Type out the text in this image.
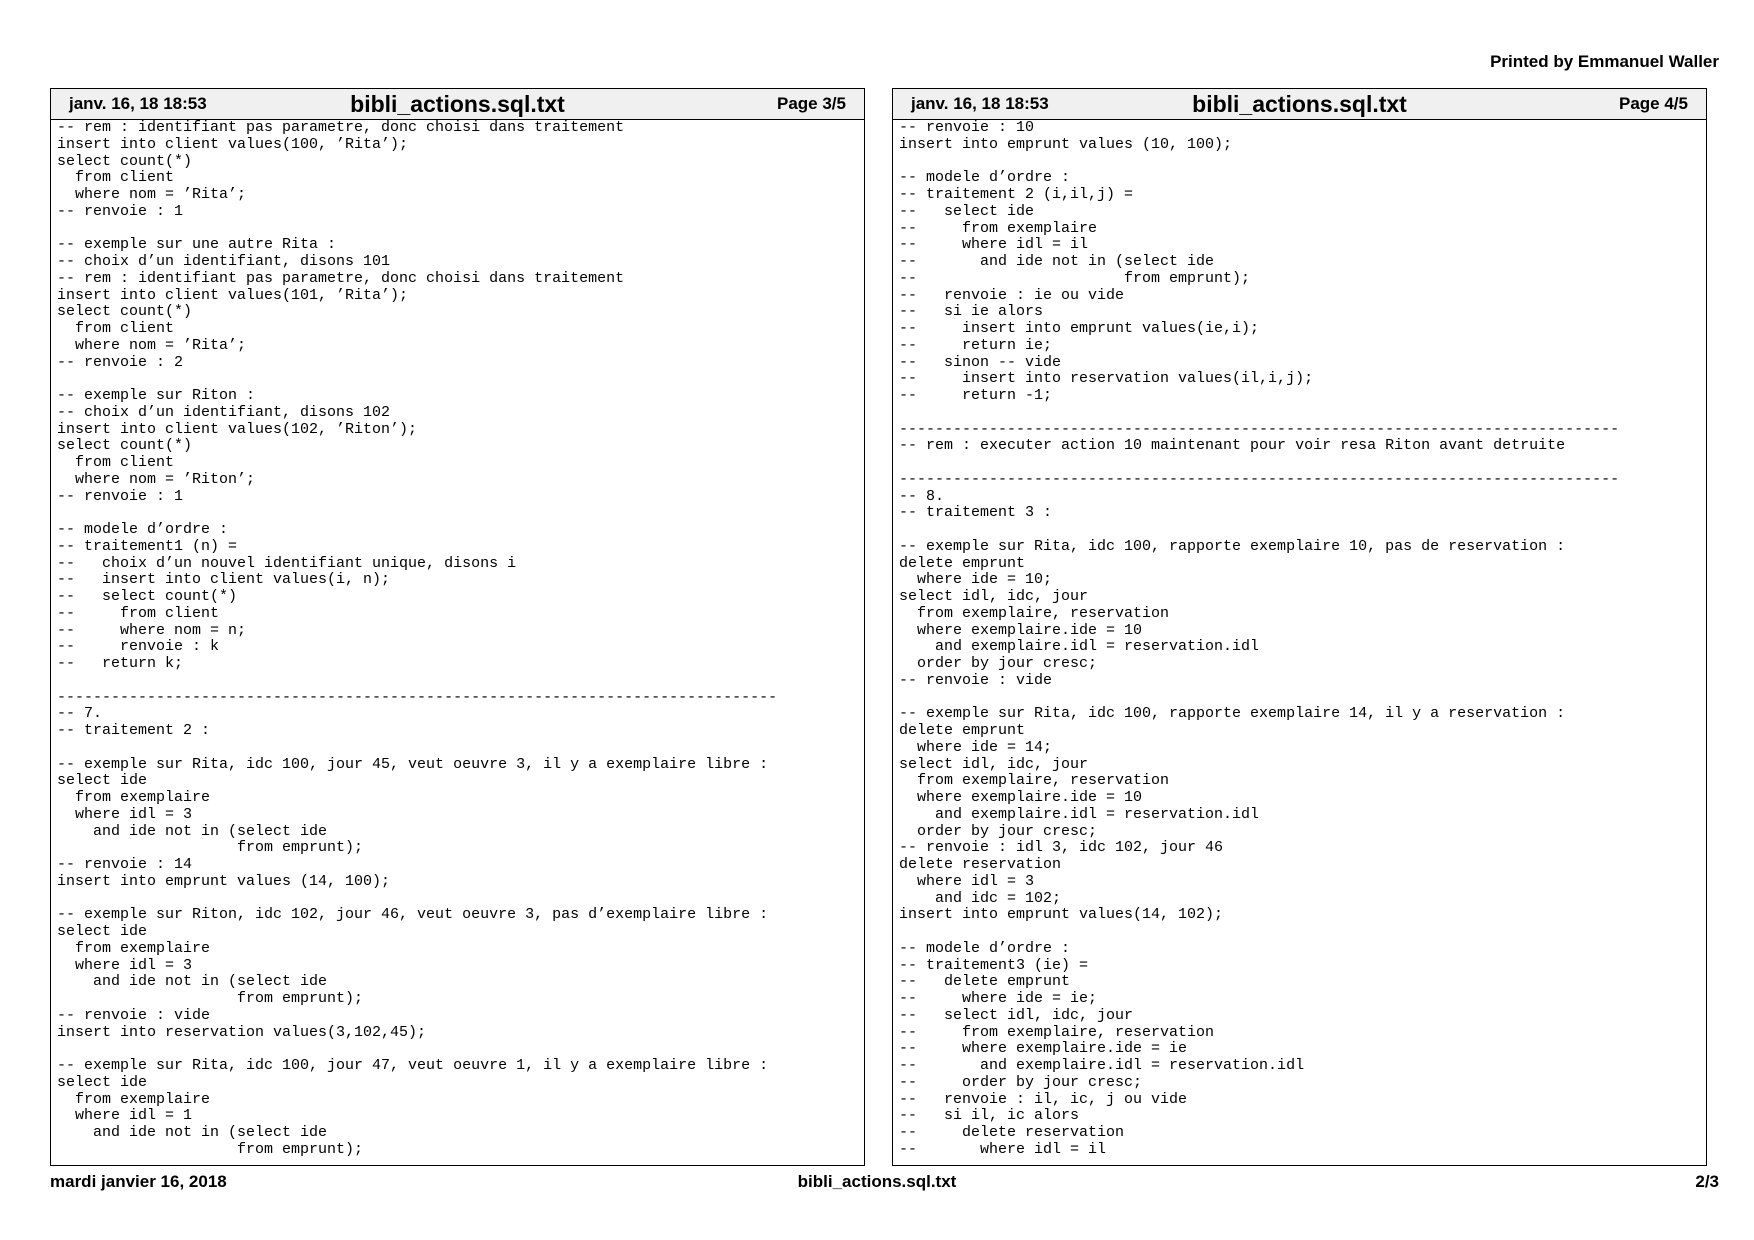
Printed by Emmanuel Waller
janv. 16, 18 18:53	bibli_actions.sql.txt	Page 3/5
-- rem : identifiant pas parametre, donc choisi dans traitement
insert into client values(100, ’Rita’);
select count(*)
from client
where nom = ’Rita’;
-- renvoie : 1

-- exemple sur une autre Rita :
-- choix d’un identifiant, disons 101
-- rem : identifiant pas parametre, donc choisi dans traitement
insert into client values(101, ’Rita’);
select count(*)
from client
where nom = ’Rita’;
-- renvoie : 2

-- exemple sur Riton :
-- choix d’un identifiant, disons 102
insert into client values(102, ’Riton’);
select count(*)
from client
where nom = ’Riton’;
-- renvoie : 1

-- modele d’ordre :
-- traitement1 (n) =
--   choix d’un nouvel identifiant unique, disons i
--   insert into client values(i, n);
--   select count(*)
--     from client
--     where nom = n;
--     renvoie : k
--   return k;

--------------------------------------------------------------------------------
-- 7.
-- traitement 2 :

-- exemple sur Rita, idc 100, jour 45, veut oeuvre 3, il y a exemplaire libre :
select ide
from exemplaire
where idl = 3
and ide not in (select ide
from emprunt);
-- renvoie : 14
insert into emprunt values (14, 100);

-- exemple sur Riton, idc 102, jour 46, veut oeuvre 3, pas d’exemplaire libre :
select ide
from exemplaire
where idl = 3
and ide not in (select ide
from emprunt);
-- renvoie : vide
insert into reservation values(3,102,45);

-- exemple sur Rita, idc 100, jour 47, veut oeuvre 1, il y a exemplaire libre :
select ide
from exemplaire
where idl = 1
and ide not in (select ide
from emprunt);
janv. 16, 18 18:53	bibli_actions.sql.txt	Page 4/5
-- renvoie : 10
insert into emprunt values (10, 100);

-- modele d’ordre :
-- traitement 2 (i,il,j) =
--   select ide
--     from exemplaire
--     where idl = il
--       and ide not in (select ide
--                       from emprunt);
--   renvoie : ie ou vide
--   si ie alors
--     insert into emprunt values(ie,i);
--     return ie;
--   sinon -- vide
--     insert into reservation values(il,i,j);
--     return -1;

--------------------------------------------------------------------------------
-- rem : executer action 10 maintenant pour voir resa Riton avant detruite

--------------------------------------------------------------------------------
-- 8.
-- traitement 3 :

-- exemple sur Rita, idc 100, rapporte exemplaire 10, pas de reservation :
delete emprunt
where ide = 10;
select idl, idc, jour
from exemplaire, reservation
where exemplaire.ide = 10
and exemplaire.idl = reservation.idl
order by jour cresc;
-- renvoie : vide

-- exemple sur Rita, idc 100, rapporte exemplaire 14, il y a reservation :
delete emprunt
where ide = 14;
select idl, idc, jour
from exemplaire, reservation
where exemplaire.ide = 10
and exemplaire.idl = reservation.idl
order by jour cresc;
-- renvoie : idl 3, idc 102, jour 46
delete reservation
where idl = 3
and idc = 102;
insert into emprunt values(14, 102);

-- modele d’ordre :
-- traitement3 (ie) =
--   delete emprunt
--     where ide = ie;
--   select idl, idc, jour
--     from exemplaire, reservation
--     where exemplaire.ide = ie
--       and exemplaire.idl = reservation.idl
--     order by jour cresc;
--   renvoie : il, ic, j ou vide
--   si il, ic alors
--     delete reservation
--       where idl = il
mardi janvier 16, 2018	bibli_actions.sql.txt	2/3
